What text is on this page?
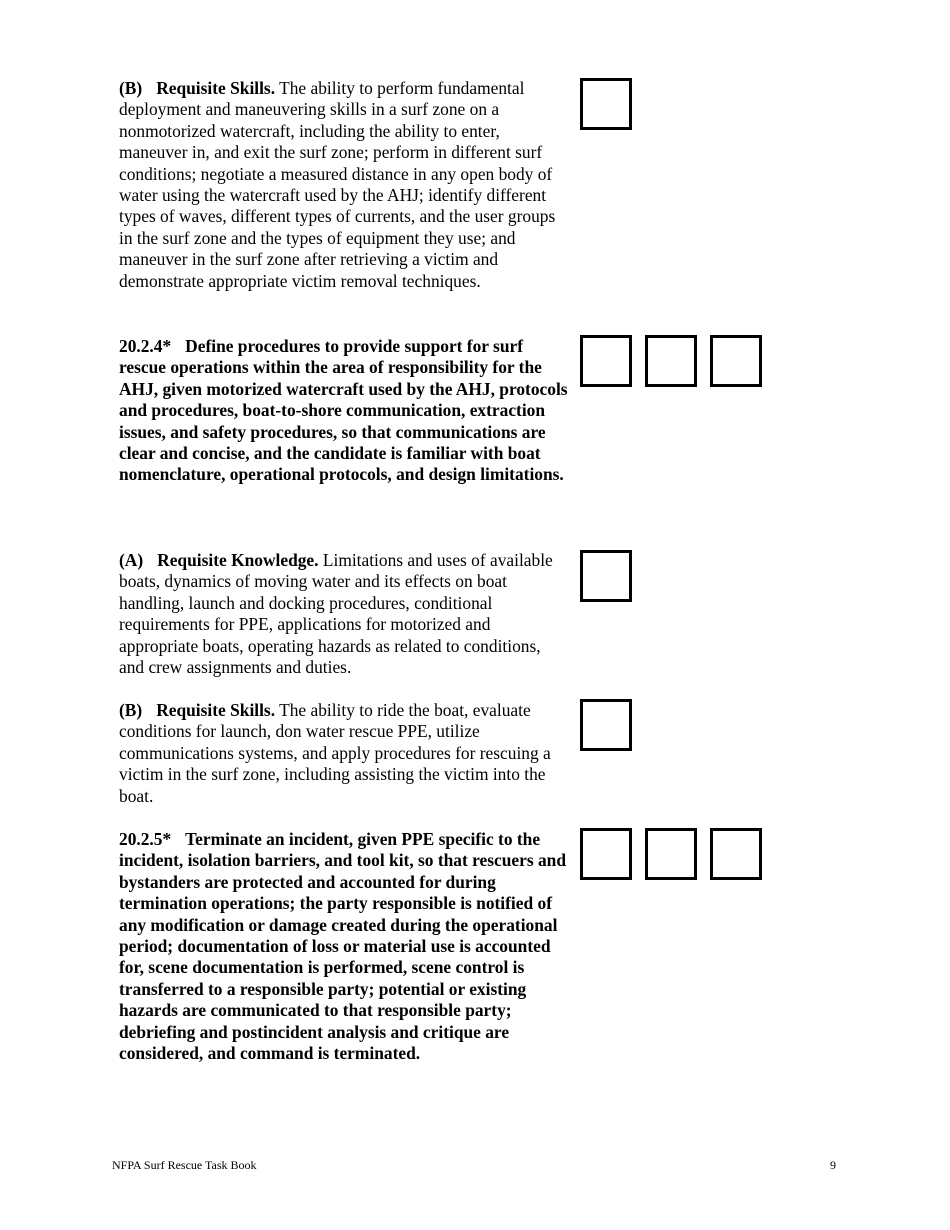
(B) Requisite Skills. The ability to perform fundamental deployment and maneuvering skills in a surf zone on a nonmotorized watercraft, including the ability to enter, maneuver in, and exit the surf zone; perform in different surf conditions; negotiate a measured distance in any open body of water using the watercraft used by the AHJ; identify different types of waves, different types of currents, and the user groups in the surf zone and the types of equipment they use; and maneuver in the surf zone after retrieving a victim and demonstrate appropriate victim removal techniques.

20.2.4* Define procedures to provide support for surf rescue operations within the area of responsibility for the AHJ, given motorized watercraft used by the AHJ, protocols and procedures, boat-to-shore communication, extraction issues, and safety procedures, so that communications are clear and concise, and the candidate is familiar with boat nomenclature, operational protocols, and design limitations.

(A) Requisite Knowledge. Limitations and uses of available boats, dynamics of moving water and its effects on boat handling, launch and docking procedures, conditional requirements for PPE, applications for motorized and appropriate boats, operating hazards as related to conditions, and crew assignments and duties.

(B) Requisite Skills. The ability to ride the boat, evaluate conditions for launch, don water rescue PPE, utilize communications systems, and apply procedures for rescuing a victim in the surf zone, including assisting the victim into the boat.

20.2.5* Terminate an incident, given PPE specific to the incident, isolation barriers, and tool kit, so that rescuers and bystanders are protected and accounted for during termination operations; the party responsible is notified of any modification or damage created during the operational period; documentation of loss or material use is accounted for, scene documentation is performed, scene control is transferred to a responsible party; potential or existing hazards are communicated to that responsible party; debriefing and postincident analysis and critique are considered, and command is terminated.

NFPA Surf Rescue Task Book	9
